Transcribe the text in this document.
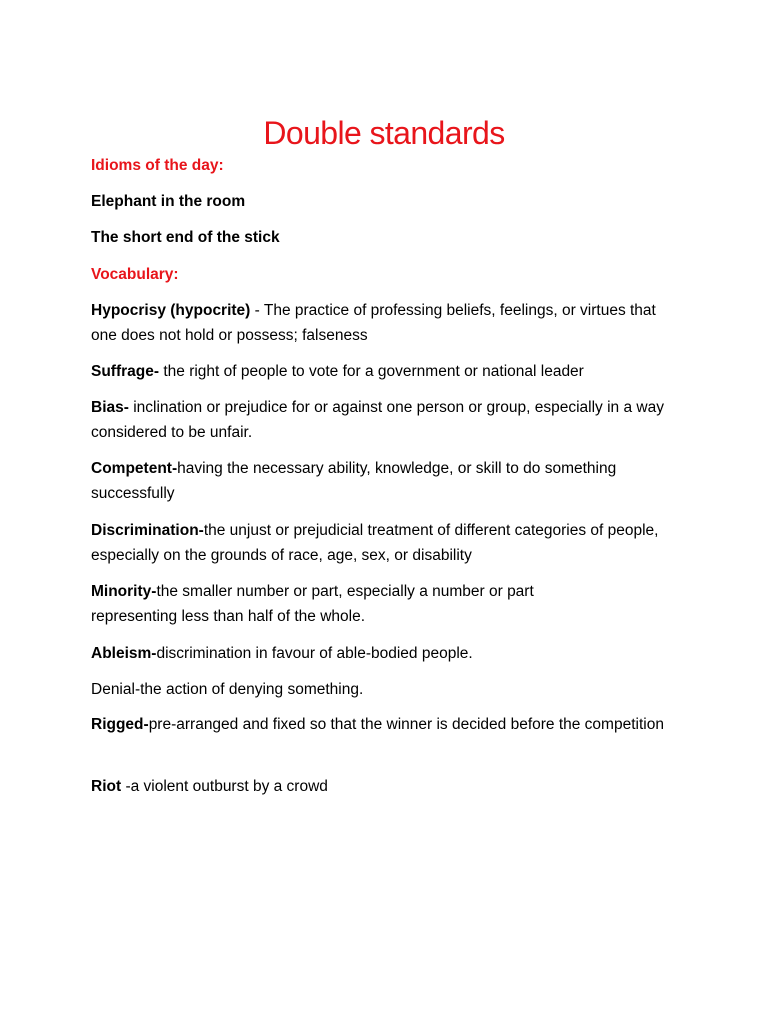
Double standards

Idioms of the day:

Elephant in the room

The short end of the stick

Vocabulary:

Hypocrisy (hypocrite) - The practice of professing beliefs, feelings, or virtues that one does not hold or possess; falseness

Suffrage- the right of people to vote for a government or national leader

Bias- inclination or prejudice for or against one person or group, especially in a way considered to be unfair.

Competent-having the necessary ability, knowledge, or skill to do something successfully

Discrimination-the unjust or prejudicial treatment of different categories of people, especially on the grounds of race, age, sex, or disability

Minority-the smaller number or part, especially a number or part representing less than half of the whole.

Ableism-discrimination in favour of able-bodied people.

Denial-the action of denying something.

Rigged-pre-arranged and fixed so that the winner is decided before the competition

Riot -a violent outburst by a crowd
